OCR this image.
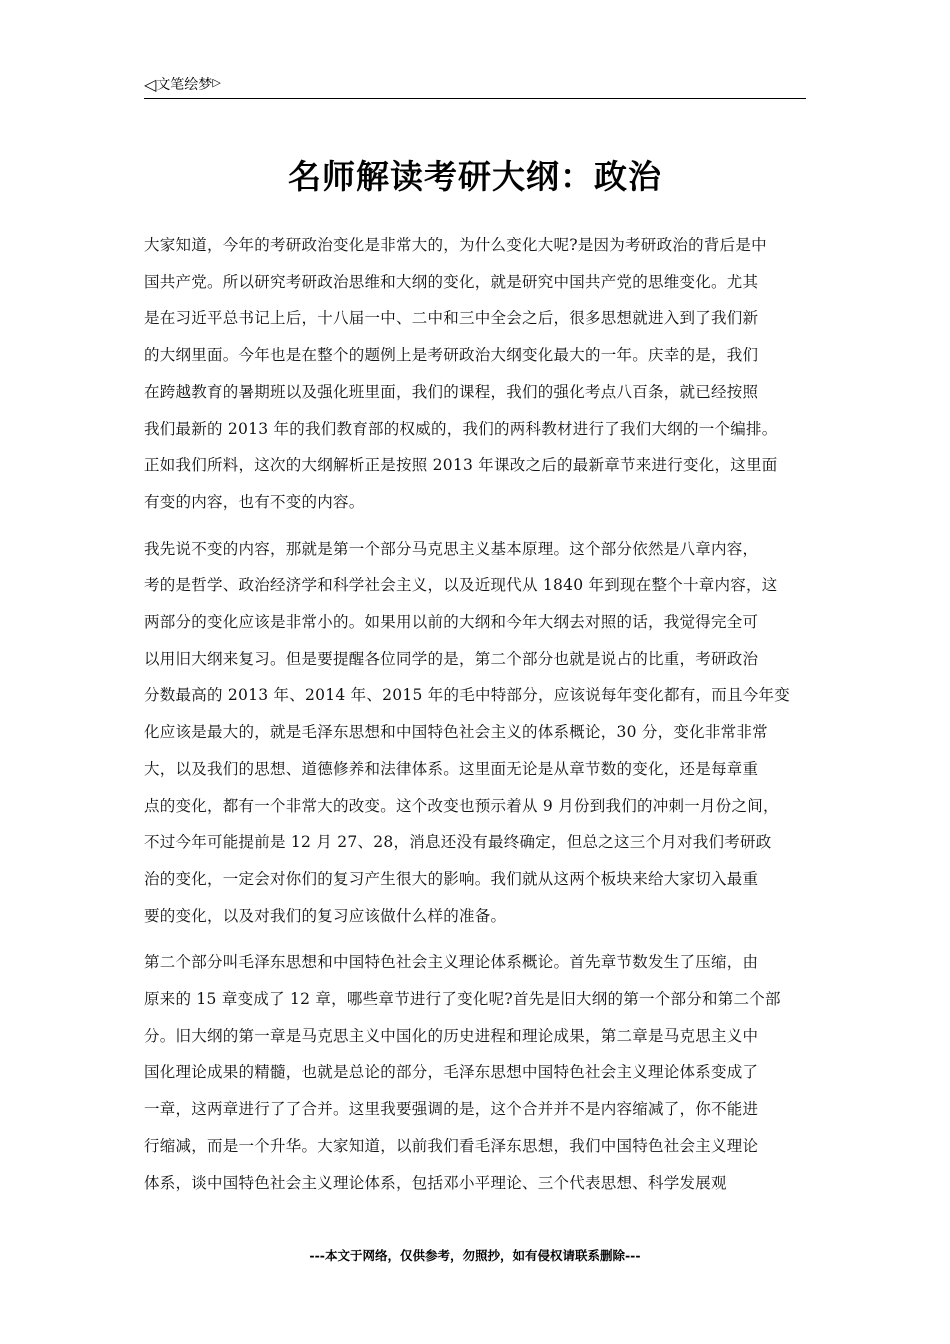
◁文笔绘梦▷
名师解读考研大纲：政治
大家知道，今年的考研政治变化是非常大的，为什么变化大呢?是因为考研政治的背后是中
国共产党。所以研究考研政治思维和大纲的变化，就是研究中国共产党的思维变化。尤其
是在习近平总书记上后，十八届一中、二中和三中全会之后，很多思想就进入到了我们新
的大纲里面。今年也是在整个的题例上是考研政治大纲变化最大的一年。庆幸的是，我们
在跨越教育的暑期班以及强化班里面，我们的课程，我们的强化考点八百条，就已经按照
我们最新的 2013 年的我们教育部的权威的，我们的两科教材进行了我们大纲的一个编排。
正如我们所料，这次的大纲解析正是按照 2013 年课改之后的最新章节来进行变化，这里面
有变的内容，也有不变的内容。
我先说不变的内容，那就是第一个部分马克思主义基本原理。这个部分依然是八章内容，
考的是哲学、政治经济学和科学社会主义，以及近现代从 1840 年到现在整个十章内容，这
两部分的变化应该是非常小的。如果用以前的大纲和今年大纲去对照的话，我觉得完全可
以用旧大纲来复习。但是要提醒各位同学的是，第二个部分也就是说占的比重，考研政治
分数最高的 2013 年、2014 年、2015 年的毛中特部分，应该说每年变化都有，而且今年变
化应该是最大的，就是毛泽东思想和中国特色社会主义的体系概论，30 分，变化非常非常
大，以及我们的思想、道德修养和法律体系。这里面无论是从章节数的变化，还是每章重
点的变化，都有一个非常大的改变。这个改变也预示着从 9 月份到我们的冲刺一月份之间，
不过今年可能提前是 12 月 27、28，消息还没有最终确定，但总之这三个月对我们考研政
治的变化，一定会对你们的复习产生很大的影响。我们就从这两个板块来给大家切入最重
要的变化，以及对我们的复习应该做什么样的准备。
第二个部分叫毛泽东思想和中国特色社会主义理论体系概论。首先章节数发生了压缩，由
原来的 15 章变成了 12 章，哪些章节进行了变化呢?首先是旧大纲的第一个部分和第二个部
分。旧大纲的第一章是马克思主义中国化的历史进程和理论成果，第二章是马克思主义中
国化理论成果的精髓，也就是总论的部分，毛泽东思想中国特色社会主义理论体系变成了
一章，这两章进行了了合并。这里我要强调的是，这个合并并不是内容缩减了，你不能进
行缩减，而是一个升华。大家知道，以前我们看毛泽东思想，我们中国特色社会主义理论
体系，谈中国特色社会主义理论体系，包括邓小平理论、三个代表思想、科学发展观
---本文于网络，仅供参考，勿照抄，如有侵权请联系删除---
